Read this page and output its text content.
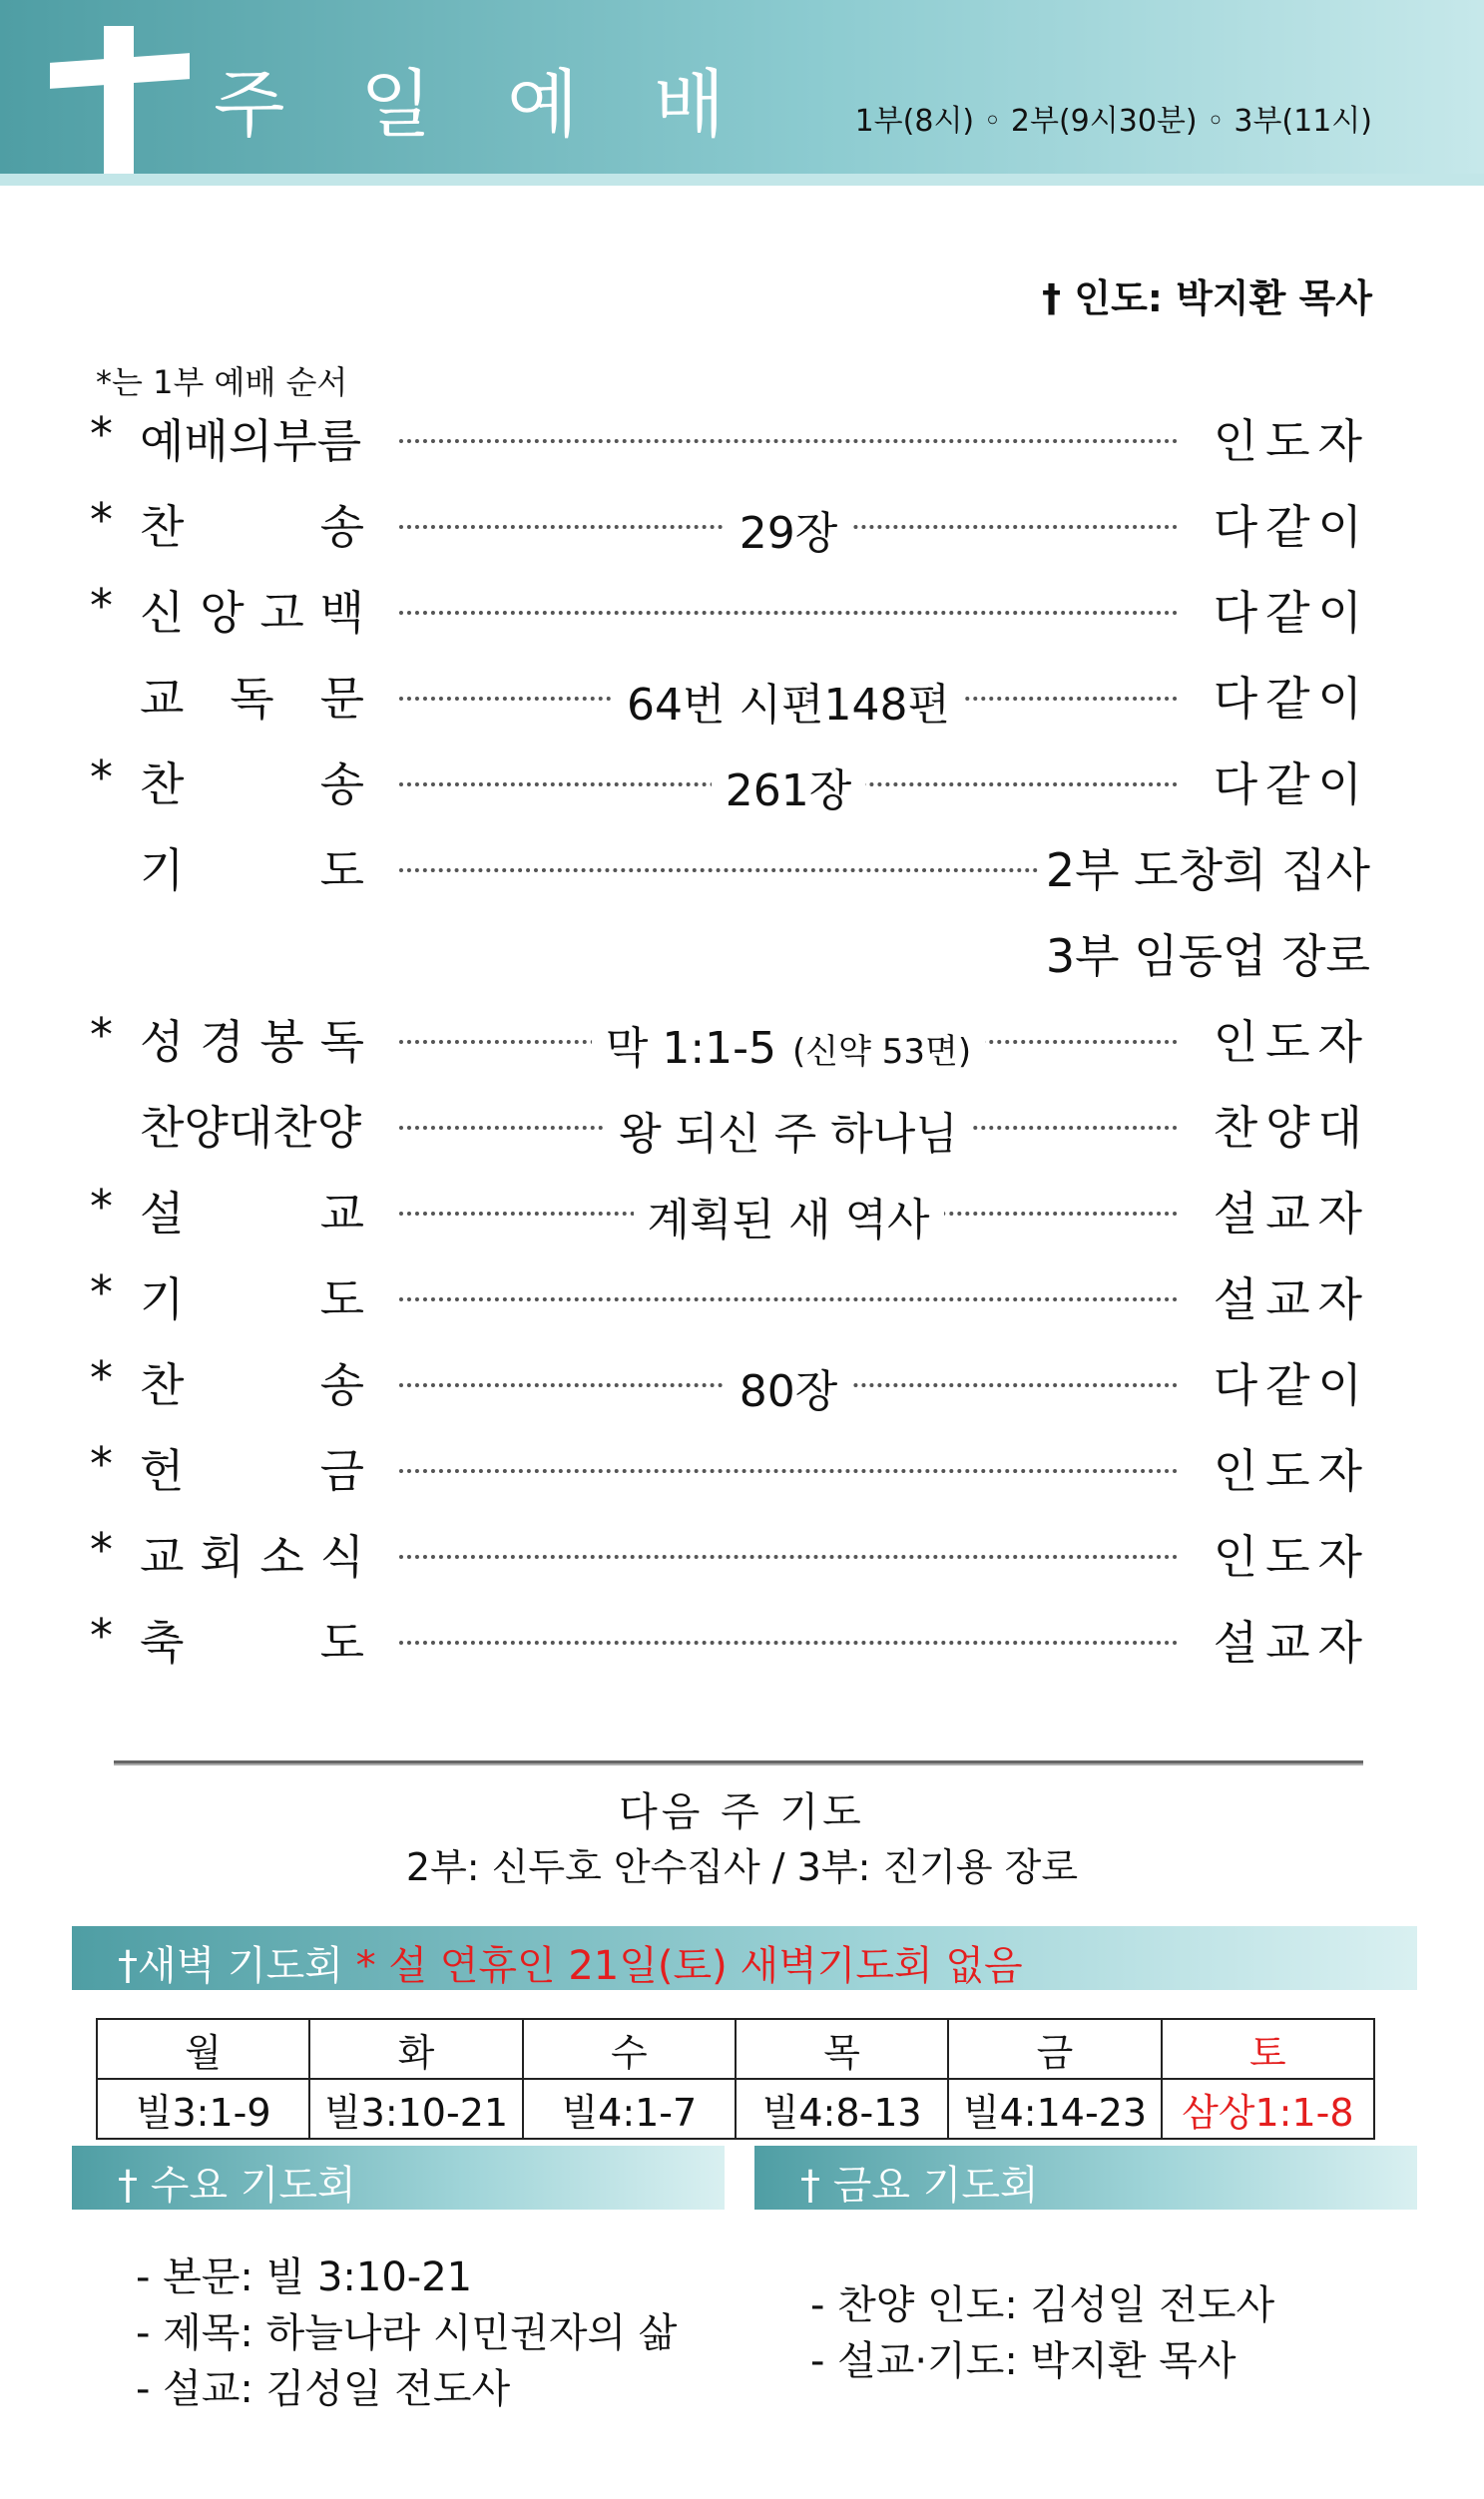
주 일 예 배	1부(8시) ◦ 2부(9시30분) ◦ 3부(11시)
† 인도: 박지환 목사
*는 1부 예배 순서
* 예배의부름	인도자
* 찬	송	29장	다같이
* 신 앙 고 백	다같이
교 독 문	64번 시편148편	다같이
* 찬	송	261장	다같이
기	도	2부 도창희 집사
3부 임동업 장로
* 성 경 봉 독	막 1:1-5 (신약 53면)	인도자
찬양대찬양	왕 되신 주 하나님	찬양대
* 설	교	계획된 새 역사	설교자
* 기	도	설교자
* 찬	송	80장	다같이
* 헌	금	인도자
* 교 회 소 식	인도자
* 축	도	설교자
다음 주 기도
2부: 신두호 안수집사 / 3부: 진기용 장로
†새벽 기도회 * 설 연휴인 21일(토) 새벽기도회 없음
월	화	수	목	금	토
빌3:1-9	빌3:10-21	빌4:1-7	빌4:8-13	빌4:14-23	삼상1:1-8
† 수요 기도회	† 금요 기도회
- 본문: 빌 3:10-21
- 제목: 하늘나라 시민권자의 삶
- 설교: 김성일 전도사
- 찬양 인도: 김성일 전도사
- 설교·기도: 박지환 목사
